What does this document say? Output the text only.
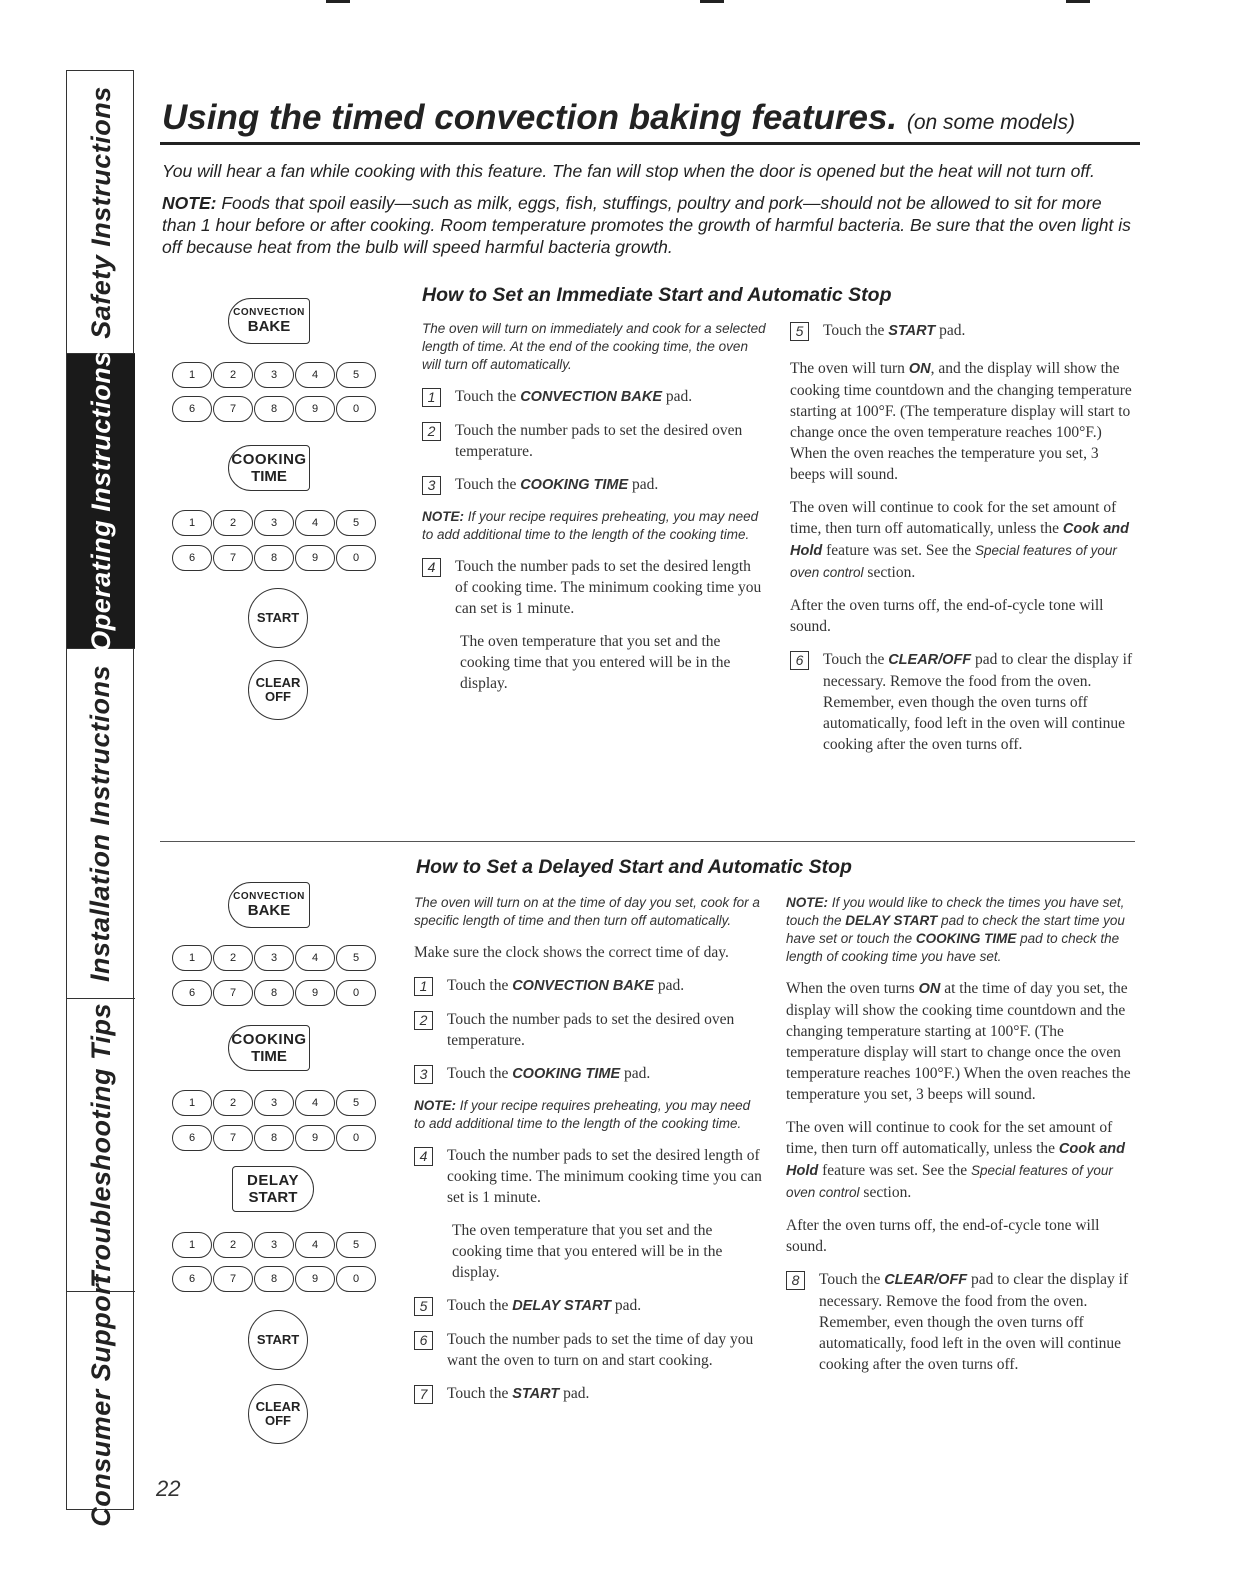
Safety Instructions
Operating Instructions
Installation Instructions
Troubleshooting Tips
Consumer Support
Using the timed convection baking features. (on some models)

You will hear a fan while cooking with this feature. The fan will stop when the door is opened but the heat will not turn off.

NOTE: Foods that spoil easily—such as milk, eggs, fish, stuffings, poultry and pork—should not be allowed to sit for more than 1 hour before or after cooking. Room temperature promotes the growth of harmful bacteria. Be sure that the oven light is off because heat from the bulb will speed harmful bacteria growth.

CONVECTION
BAKE
1	2	3	4	5
6	7	8	9	0
COOKING
TIME
1	2	3	4	5
6	7	8	9	0
START
CLEAR
OFF
How to Set an Immediate Start and Automatic Stop

The oven will turn on immediately and cook for a selected length of time. At the end of the cooking time, the oven will turn off automatically.

1	Touch the CONVECTION BAKE pad.
2	Touch the number pads to set the desired oven temperature.
3	Touch the COOKING TIME pad.

NOTE: If your recipe requires preheating, you may need to add additional time to the length of the cooking time.

4	Touch the number pads to set the desired length of cooking time. The minimum cooking time you can set is 1 minute.

The oven temperature that you set and the cooking time that you entered will be in the display.

5	Touch the START pad.

The oven will turn ON, and the display will show the cooking time countdown and the changing temperature starting at 100°F. (The temperature display will start to change once the oven temperature reaches 100°F.) When the oven reaches the temperature you set, 3 beeps will sound.

The oven will continue to cook for the set amount of time, then turn off automatically, unless the Cook and Hold feature was set. See the Special features of your oven control section.

After the oven turns off, the end-of-cycle tone will sound.

6	Touch the CLEAR/OFF pad to clear the display if necessary. Remove the food from the oven. Remember, even though the oven turns off automatically, food left in the oven will continue cooking after the oven turns off.
CONVECTION
BAKE
1	2	3	4	5
6	7	8	9	0
COOKING
TIME
1	2	3	4	5
6	7	8	9	0
DELAY
START
1	2	3	4	5
6	7	8	9	0
START
CLEAR
OFF
How to Set a Delayed Start and Automatic Stop

The oven will turn on at the time of day you set, cook for a specific length of time and then turn off automatically.

Make sure the clock shows the correct time of day.

1	Touch the CONVECTION BAKE pad.
2	Touch the number pads to set the desired oven temperature.
3	Touch the COOKING TIME pad.

NOTE: If your recipe requires preheating, you may need to add additional time to the length of the cooking time.

4	Touch the number pads to set the desired length of cooking time. The minimum cooking time you can set is 1 minute.

The oven temperature that you set and the cooking time that you entered will be in the display.

5	Touch the DELAY START pad.
6	Touch the number pads to set the time of day you want the oven to turn on and start cooking.
7	Touch the START pad.

NOTE: If you would like to check the times you have set, touch the DELAY START pad to check the start time you have set or touch the COOKING TIME pad to check the length of cooking time you have set.

When the oven turns ON at the time of day you set, the display will show the cooking time countdown and the changing temperature starting at 100°F. (The temperature display will start to change once the oven temperature reaches 100°F.) When the oven reaches the temperature you set, 3 beeps will sound.

The oven will continue to cook for the set amount of time, then turn off automatically, unless the Cook and Hold feature was set. See the Special features of your oven control section.

After the oven turns off, the end-of-cycle tone will sound.

8	Touch the CLEAR/OFF pad to clear the display if necessary. Remove the food from the oven. Remember, even though the oven turns off automatically, food left in the oven will continue cooking after the oven turns off.
22
